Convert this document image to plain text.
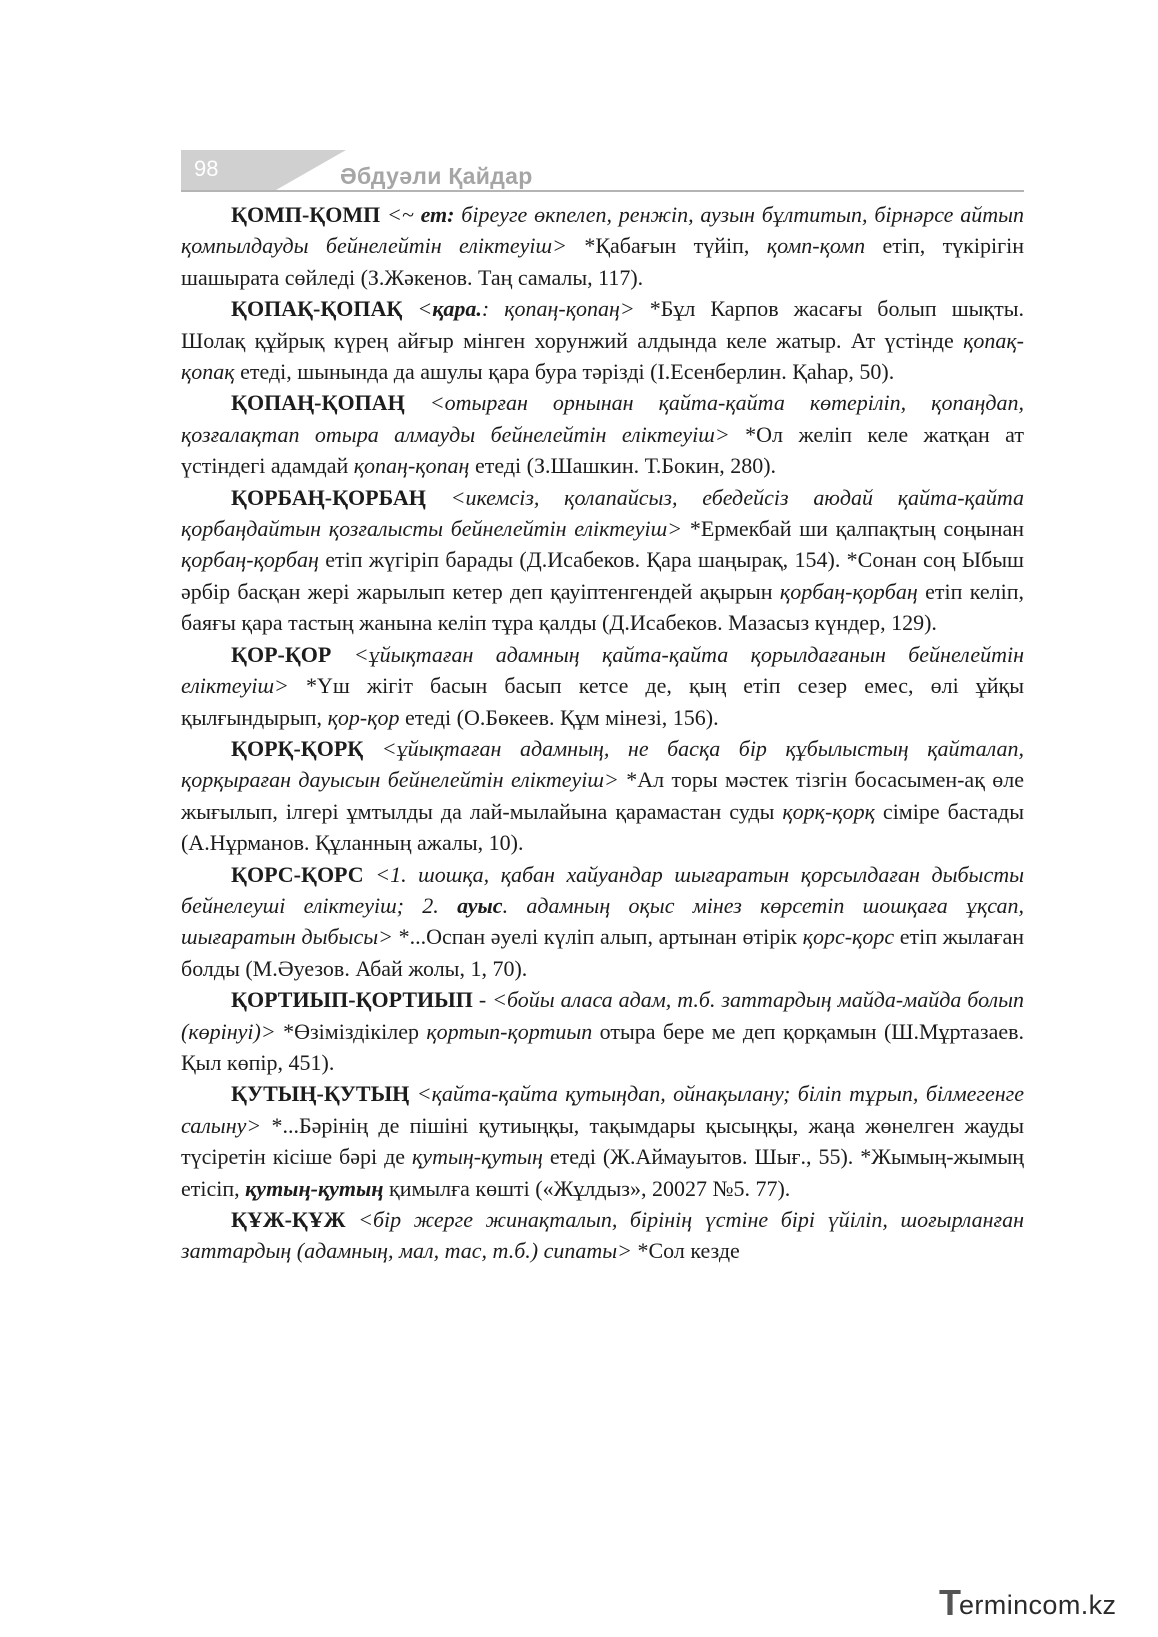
98	Әбдуәли Қайдар

ҚОМП-ҚОМП <~ ет: біреуге өкпелеп, ренжіп, аузын бұлтитып, бірнәрсе айтып қомпылдауды бейнелейтін еліктеуіш> *Қабағын түйіп, қомп-қомп етіп, түкірігін шашырата сөйледі (З.Жәкенов. Таң самалы, 117).

ҚОПАҚ-ҚОПАҚ <қара.: қопаң-қопаң> *Бұл Карпов жасағы болып шықты. Шолақ құйрық күрең айғыр мінген хорунжий алдында келе жатыр. Ат үстінде қопақ-қопақ етеді, шынында да ашулы қара бура тәрізді (І.Есенберлин. Қаһар, 50).

ҚОПАҢ-ҚОПАҢ <отырған орнынан қайта-қайта көтеріліп, қопаңдап, қозғалақтап отыра алмауды бейнелейтін еліктеуіш> *Ол желіп келе жатқан ат үстіндегі адамдай қопаң-қопаң етеді (З.Шашкин. Т.Бокин, 280).

ҚОРБАҢ-ҚОРБАҢ <икемсіз, қолапайсыз, ебедейсіз аюдай қайта-қайта қорбаңдайтын қозғалысты бейнелейтін еліктеуіш> *Ермекбай ши қалпақтың соңынан қорбаң-қорбаң етіп жүгіріп барады (Д.Исабеков. Қара шаңырақ, 154). *Сонан соң Ыбыш әрбір басқан жері жарылып кетер деп қауіптенгендей ақырын қорбаң-қорбаң етіп келіп, баяғы қара тастың жанына келіп тұра қалды (Д.Исабеков. Мазасыз күндер, 129).

ҚОР-ҚОР <ұйықтаған адамның қайта-қайта қорылдағанын бейнелейтін еліктеуіш> *Үш жігіт басын басып кетсе де, қың етіп сезер емес, өлі ұйқы қылғындырып, қор-қор етеді (О.Бөкеев. Құм мінезі, 156).

ҚОРҚ-ҚОРҚ <ұйықтаған адамның, не басқа бір құбылыстың қайталап, қорқыраған дауысын бейнелейтін еліктеуіш> *Ал торы мәстек тізгін босасымен-ақ өле жығылып, ілгері ұмтылды да лай-мылайына қарамастан суды қорқ-қорқ сіміре бастады (А.Нұрманов. Құланның ажалы, 10).

ҚОРС-ҚОРС <1. шошқа, қабан хайуандар шығаратын қорсылдаған дыбысты бейнелеуші еліктеуіш; 2. ауыс. адамның оқыс мінез көрсетіп шошқаға ұқсап, шығаратын дыбысы> *...Оспан әуелі күліп алып, артынан өтірік қорс-қорс етіп жылаған болды (М.Әуезов. Абай жолы, 1, 70).

ҚОРТИЫП-ҚОРТИЫП - <бойы аласа адам, т.б. заттардың майда-майда болып (көрінуі)> *Өзіміздікілер қортып-қортиып отыра бере ме деп қорқамын (Ш.Мұртазаев. Қыл көпір, 451).

ҚУТЫҢ-ҚУТЫҢ <қайта-қайта қутыңдап, ойнақылану; біліп тұрып, білмегенге салыну> *...Бәрінің де пішіні қутиыңқы, тақымдары қысыңқы, жаңа жөнелген жауды түсіретін кісіше бәрі де қутың-қутың етеді (Ж.Аймауытов. Шығ., 55). *Жымың-жымың етісіп, қутың-қутың қимылға көшті («Жұлдыз», 20027 №5. 77).

ҚҰЖ-ҚҰЖ <бір жерге жинақталып, бірінің үстіне бірі үйіліп, шоғырланған заттардың (адамның, мал, тас, т.б.) сипаты> *Сол кезде

T
ermincom.kz
